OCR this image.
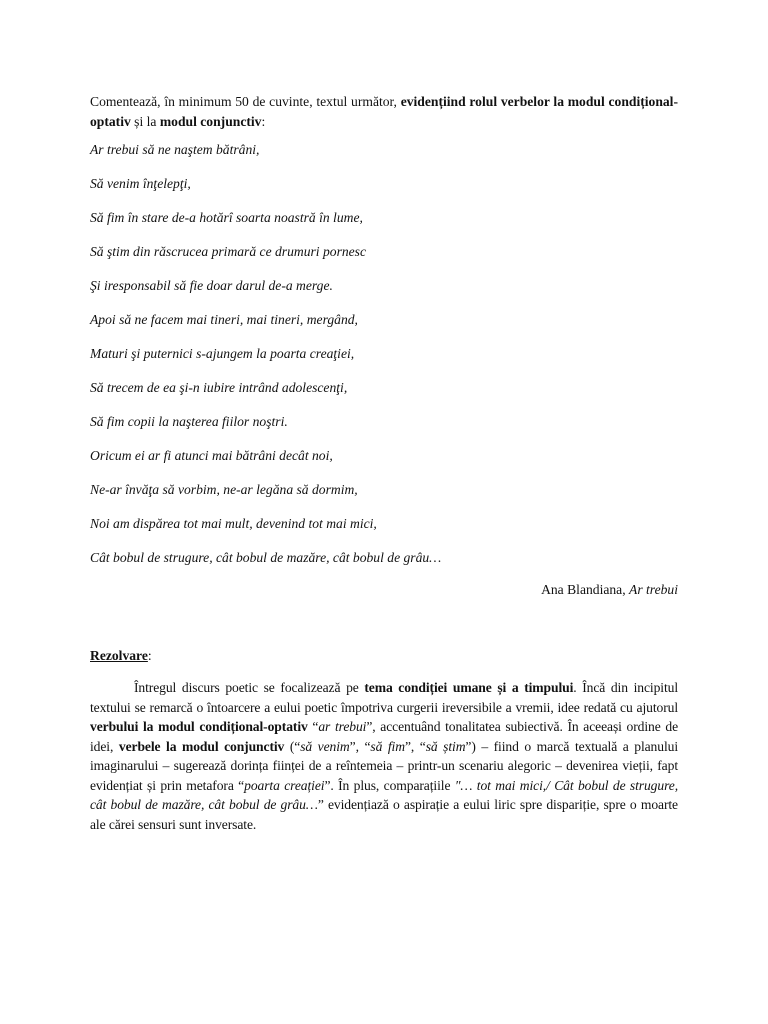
Comentează, în minimum 50 de cuvinte, textul următor, evidențiind rolul verbelor la modul condițional-optativ și la modul conjunctiv:

Ar trebui să ne naştem bătrâni,
Să venim înţelepţi,
Să fim în stare de-a hotărî soarta noastră în lume,
Să ştim din răscrucea primară ce drumuri pornesc
Şi iresponsabil să fie doar darul de-a merge.
Apoi să ne facem mai tineri, mai tineri, mergând,
Maturi şi puternici s-ajungem la poarta creaţiei,
Să trecem de ea şi-n iubire intrând adolescenţi,
Să fim copii la naşterea fiilor noştri.
Oricum ei ar fi atunci mai bătrâni decât noi,
Ne-ar învăţa să vorbim, ne-ar legăna să dormim,
Noi am dispărea tot mai mult, devenind tot mai mici,
Cât bobul de strugure, cât bobul de mazăre, cât bobul de grâu…
Ana Blandiana, Ar trebui
Rezolvare:

Întregul discurs poetic se focalizează pe tema condiției umane și a timpului. Încă din incipitul textului se remarcă o întoarcere a eului poetic împotriva curgerii ireversibile a vremii, idee redată cu ajutorul verbului la modul condițional-optativ “ar trebui”, accentuând tonalitatea subiectivă. În aceeași ordine de idei, verbele la modul conjunctiv (“să venim”, “să fim”, “să știm”) – fiind o marcă textuală a planului imaginarului – sugerează dorința ființei de a reîntemeia – printr-un scenariu alegoric – devenirea vieții, fapt evidențiat și prin metafora “poarta creației”. În plus, comparațiile ″… tot mai mici,/ Cât bobul de strugure, cât bobul de mazăre, cât bobul de grâu…” evidențiază o aspirație a eului liric spre dispariție, spre o moarte ale cărei sensuri sunt inversate.
